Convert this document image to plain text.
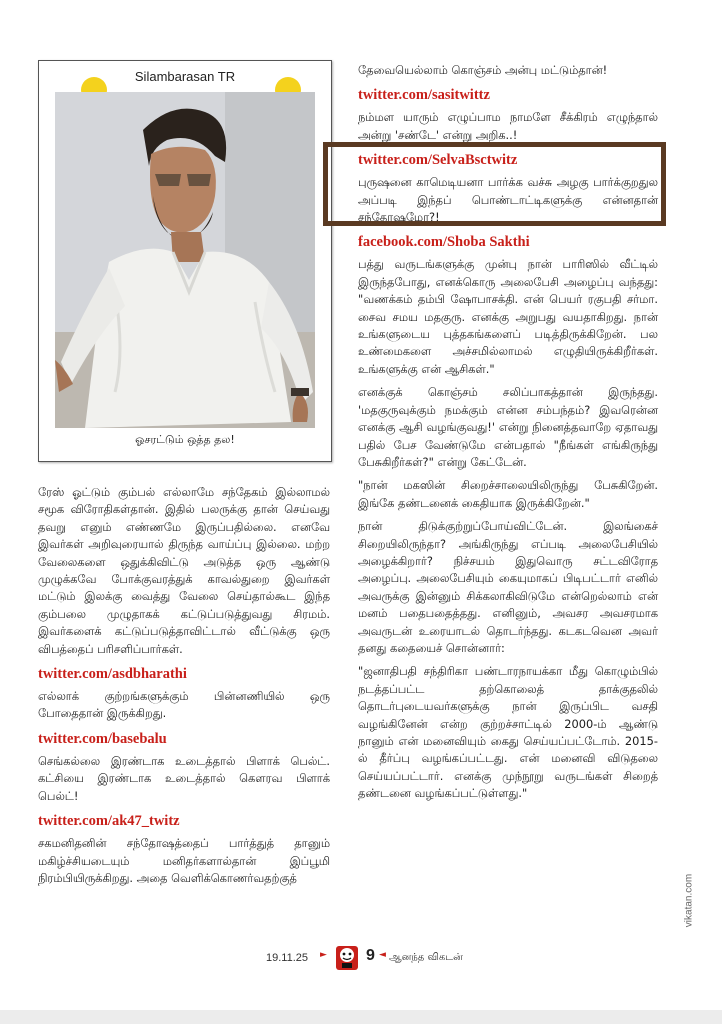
Silambarasan TR
ஓசரட்டும் ஒத்த தல!

ரேஸ் ஓட்டும் கும்பல் எல்லாமே சந்தேகம் இல்லாமல் சமூக விரோதிகள்தான். இதில் பலருக்கு தான் செய்வது தவறு எனும் எண்ணமே இருப்பதில்லை. எனவே இவர்கள் அறிவுரையால் திருந்த வாய்ப்பு இல்லை. மற்ற வேலைகளை ஒதுக்கிவிட்டு அடுத்த ஒரு ஆண்டு முழுக்கவே போக்குவரத்துக் காவல்துறை இவர்கள் மட்டும் இலக்கு வைத்து வேலை செய்தால்கூட இந்த கும்பலை முழுதாகக் கட்டுப்படுத்துவது சிரமம். இவர்களைக் கட்டுப்படுத்தாவிட்டால் வீட்டுக்கு ஒரு விபத்தைப் பரிசளிப்பார்கள்.

twitter.com/asdbharathi

எல்லாக் குற்றங்களுக்கும் பின்னணியில் ஒரு போதைதான் இருக்கிறது.

twitter.com/basebalu

செங்கல்லை இரண்டாக உடைத்தால் பிளாக் பெல்ட். கட்சியை இரண்டாக உடைத்தால் கௌரவ பிளாக் பெல்ட்!

twitter.com/ak47_twitz

சகமனிதனின் சந்தோஷத்தைப் பார்த்துத் தானும் மகிழ்ச்சியடையும் மனிதர்களால்தான் இப்பூமி நிரம்பியிருக்கிறது. அதை வெளிக்கொணர்வதற்குத்

தேவையெல்லாம் கொஞ்சம் அன்பு மட்டும்தான்!

twitter.com/sasitwittz

நம்மள யாரும் எழுப்பாம நாமளே சீக்கிரம் எழுந்தால் அன்று 'சண்டே' என்று அறிக..!

twitter.com/SelvaBsctwitz

புருஷனை காமெடியனா பார்க்க வச்சு அழகு பார்க்குறதுல அப்படி இந்தப் பொண்டாட்டிகளுக்கு என்னதான் சந்தோஷமோ?!

facebook.com/Shoba Sakthi

பத்து வருடங்களுக்கு முன்பு நான் பாரிஸில் வீட்டில் இருந்தபோது, எனக்கொரு அலைபேசி அழைப்பு வந்தது: "வணக்கம் தம்பி ஷோபாசக்தி. என் பெயர் ரகுபதி சர்மா. சைவ சமய மதகுரு. எனக்கு அறுபது வயதாகிறது. நான் உங்களுடைய புத்தகங்களைப் படித்திருக்கிறேன். பல உண்மைகளை அச்சமில்லாமல் எழுதியிருக்கிறீர்கள். உங்களுக்கு என் ஆசிகள்."

எனக்குக் கொஞ்சம் சலிப்பாகத்தான் இருந்தது. 'மதகுருவுக்கும் நமக்கும் என்ன சம்பந்தம்? இவரென்ன எனக்கு ஆசி வழங்குவது!' என்று நினைத்தவாறே ஏதாவது பதில் பேச வேண்டுமே என்பதால் "நீங்கள் எங்கிருந்து பேசுகிறீர்கள்?" என்று கேட்டேன்.

"நான் மகஸின் சிறைச்சாலையிலிருந்து பேசுகிறேன். இங்கே தண்டனைக் கைதியாக இருக்கிறேன்."

நான் திடுக்குற்றுப்போய்விட்டேன். இலங்கைச் சிறையிலிருந்தா? அங்கிருந்து எப்படி அலைபேசியில் அழைக்கிறார்? நிச்சயம் இதுவொரு சட்டவிரோத அழைப்பு. அலைபேசியும் கையுமாகப் பிடிபட்டார் எனில் அவருக்கு இன்னும் சிக்கலாகிவிடுமே என்றெல்லாம் என் மனம் பதைபதைத்தது. எனினும், அவசர அவசரமாக அவருடன் உரையாடல் தொடர்ந்தது. கடகடவென அவர் தனது கதையைச் சொன்னார்:

"ஜனாதிபதி சந்திரிகா பண்டாரநாயக்கா மீது கொழும்பில் நடத்தப்பட்ட தற்கொலைத் தாக்குதலில் தொடர்புடையவர்களுக்கு நான் இருப்பிட வசதி வழங்கினேன் என்ற குற்றச்சாட்டில் 2000-ம் ஆண்டு நானும் என் மனைவியும் கைது செய்யப்பட்டோம். 2015-ல் தீர்ப்பு வழங்கப்பட்டது. என் மனைவி விடுதலை செய்யப்பட்டார். எனக்கு முந்நூறு வருடங்கள் சிறைத் தண்டனை வழங்கப்பட்டுள்ளது."

vikatan.com
19.11.25 ► 9 ◄ ஆனந்த விகடன்
